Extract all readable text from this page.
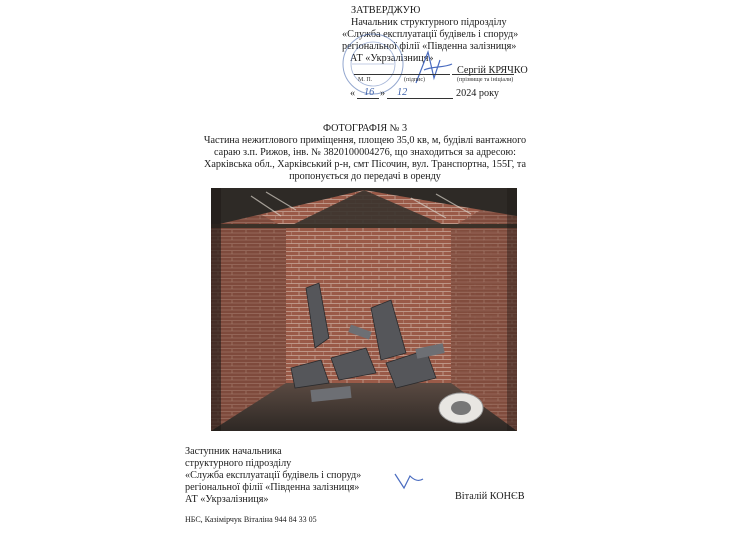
ЗАТВЕРДЖУЮ
Начальник структурного підрозділу
«Служба експлуатації будівель і споруд»
регіональної філії «Південна залізниця»
АТ «Укрзалізниця»
Сергій КРЯЧКО
М. П.	(підпис)	(прізвище та ініціали)
« 16 » 12	2024 року
ФОТОГРАФІЯ № 3
Частина нежитлового приміщення, площею 35,0 кв, м, будівлі вантажного
сараю з.п. Рижов, інв. № 3820100004276, що знаходиться за адресою:
Харківська обл., Харківський р-н, смт Пісочин, вул. Транспортна, 155Г, та
пропонується до передачі в оренду
Заступник начальника
структурного підрозділу
«Служба експлуатації будівель і споруд»
регіональної філії «Південна залізниця»
АТ «Укрзалізниця»	Віталій КОНЄВ
НБС, Казімірчук Віталіна 944 84 33 05
